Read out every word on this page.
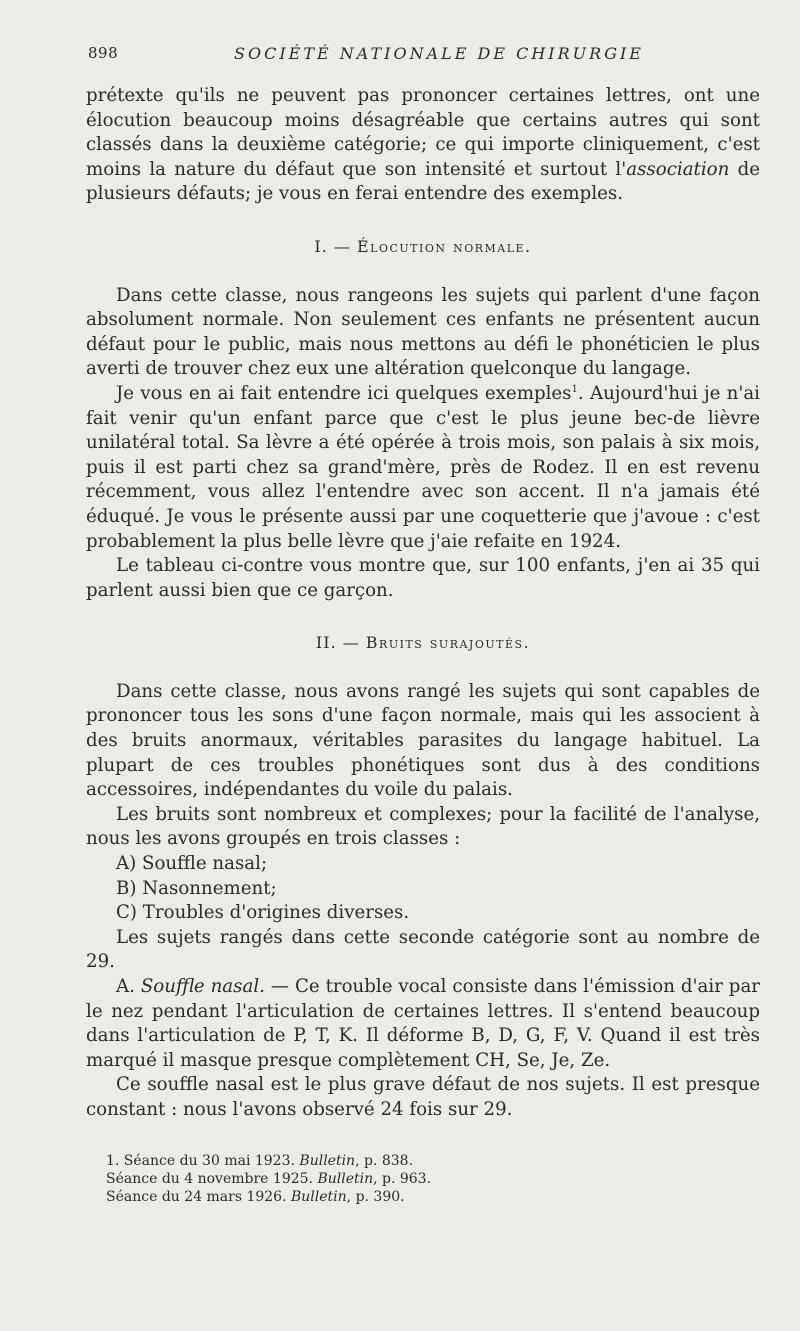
898	SOCIÉTÉ NATIONALE DE CHIRURGIE

prétexte qu'ils ne peuvent pas prononcer certaines lettres, ont une élocution beaucoup moins désagréable que certains autres qui sont classés dans la deuxième catégorie; ce qui importe cliniquement, c'est moins la nature du défaut que son intensité et surtout l'association de plusieurs défauts; je vous en ferai entendre des exemples.

I. — Élocution normale.

Dans cette classe, nous rangeons les sujets qui parlent d'une façon absolument normale. Non seulement ces enfants ne présentent aucun défaut pour le public, mais nous mettons au défi le phonéticien le plus averti de trouver chez eux une altération quelconque du langage.

Je vous en ai fait entendre ici quelques exemples$^1$. Aujourd'hui je n'ai fait venir qu'un enfant parce que c'est le plus jeune bec-de lièvre unilatéral total. Sa lèvre a été opérée à trois mois, son palais à six mois, puis il est parti chez sa grand'mère, près de Rodez. Il en est revenu récemment, vous allez l'entendre avec son accent. Il n'a jamais été éduqué. Je vous le présente aussi par une coquetterie que j'avoue : c'est probablement la plus belle lèvre que j'aie refaite en 1924.

Le tableau ci-contre vous montre que, sur 100 enfants, j'en ai 35 qui parlent aussi bien que ce garçon.

II. — Bruits surajoutés.

Dans cette classe, nous avons rangé les sujets qui sont capables de prononcer tous les sons d'une façon normale, mais qui les associent à des bruits anormaux, véritables parasites du langage habituel. La plupart de ces troubles phonétiques sont dus à des conditions accessoires, indépendantes du voile du palais.

Les bruits sont nombreux et complexes; pour la facilité de l'analyse, nous les avons groupés en trois classes :

A) Souffle nasal;
B) Nasonnement;
C) Troubles d'origines diverses.

Les sujets rangés dans cette seconde catégorie sont au nombre de 29.

A. Souffle nasal. — Ce trouble vocal consiste dans l'émission d'air par le nez pendant l'articulation de certaines lettres. Il s'entend beaucoup dans l'articulation de P, T, K. Il déforme B, D, G, F, V. Quand il est très marqué il masque presque complètement CH, Se, Je, Ze.

Ce souffle nasal est le plus grave défaut de nos sujets. Il est presque constant : nous l'avons observé 24 fois sur 29.

1. Séance du 30 mai 1923. Bulletin, p. 838.
Séance du 4 novembre 1925. Bulletin, p. 963.
Séance du 24 mars 1926. Bulletin, p. 390.
